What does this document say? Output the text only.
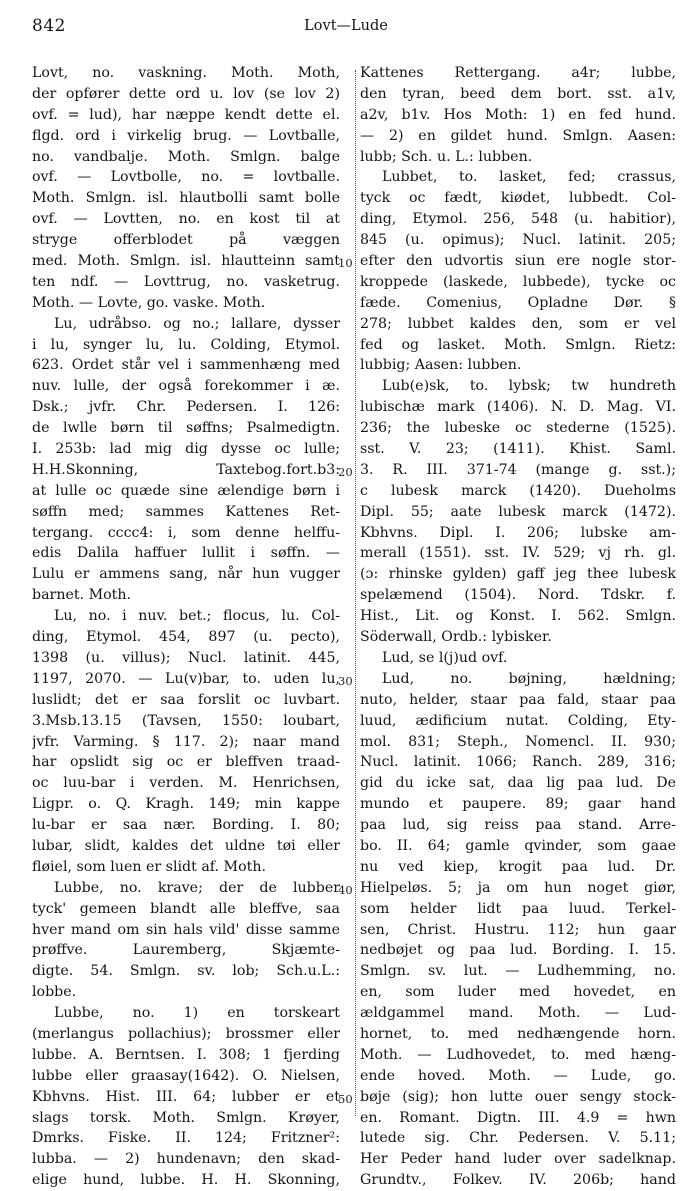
842	Lovt—Lude
Lovt, no. vaskning. Moth. Moth,
der opfører dette ord u. lov (se lov 2)
ovf. = lud), har næppe kendt dette el.
flgd. ord i virkelig brug. — Lovtballe,
no. vandbalje. Moth. Smlgn. balge
ovf. — Lovtbolle, no. = lovtballe.
Moth. Smlgn. isl. hlautbolli samt bolle
ovf. — Lovtten, no. en kost til at
stryge offerblodet på væggen
med. Moth. Smlgn. isl. hlautteinn samt
ten ndf. — Lovttrug, no. vasketrug.
Moth. — Lovte, go. vaske. Moth.
Lu, udråbso. og no.; lallare, dysser
i lu, synger lu, lu. Colding, Etymol.
623. Ordet står vel i sammenhæng med
nuv. lulle, der også forekommer i æ.
Dsk.; jvfr. Chr. Pedersen. I. 126:
de lwlle børn til søffns; Psalmedigtn.
I. 253b: lad mig dig dysse oc lulle;
H.H.Skonning, Taxtebog.fort.b3:
at lulle oc quæde sine ælendige børn i
søffn med; sammes Kattenes Ret-
tergang. cccc4: i, som denne helffu-
edis Dalila haffuer lullit i søffn. —
Lulu er ammens sang, når hun vugger
barnet. Moth.
Lu, no. i nuv. bet.; flocus, lu. Col-
ding, Etymol. 454, 897 (u. pecto),
1398 (u. villus); Nucl. latinit. 445,
1197, 2070. — Lu(v)bar, to. uden lu,
luslidt; det er saa forslit oc luvbart.
3.Msb.13.15 (Tavsen, 1550: loubart,
jvfr. Varming. § 117. 2); naar mand
har opslidt sig oc er bleffven traad-
oc luu-bar i verden. M. Henrichsen,
Ligpr. o. Q. Kragh. 149; min kappe
lu-bar er saa nær. Bording. I. 80;
lubar, slidt, kaldes det uldne tøi eller
fløiel, som luen er slidt af. Moth.
Lubbe, no. krave; der de lubber
tyck' gemeen blandt alle bleffve, saa
hver mand om sin hals vild' disse samme
prøffve. Lauremberg, Skjæmte-
digte. 54. Smlgn. sv. lob; Sch.u.L.:
lobbe.
Lubbe, no. 1) en torskeart
(merlangus pollachius); brossmer eller
lubbe. A. Berntsen. I. 308; 1 fjerding
lubbe eller graasay(1642). O. Nielsen,
Kbhvns. Hist. III. 64; lubber er et
slags torsk. Moth. Smlgn. Krøyer,
Dmrks. Fiske. II. 124; Fritzner²:
lubba. — 2) hundenavn; den skad-
elige hund, lubbe. H. H. Skonning,
Kattenes Rettergang. a4r; lubbe,
den tyran, beed dem bort. sst. a1v,
a2v, b1v. Hos Moth: 1) en fed hund.
— 2) en gildet hund. Smlgn. Aasen:
lubb; Sch. u. L.: lubben.
Lubbet, to. lasket, fed; crassus,
tyck oc fædt, kiødet, lubbedt. Col-
ding, Etymol. 256, 548 (u. habitior),
845 (u. opimus); Nucl. latinit. 205;
efter den udvortis siun ere nogle stor-
kroppede (laskede, lubbede), tycke oc
fæde. Comenius, Opladne Dør. §
278; lubbet kaldes den, som er vel
fed og lasket. Moth. Smlgn. Rietz:
lubbig; Aasen: lubben.
Lub(e)sk, to. lybsk; tw hundreth
lubischæ mark (1406). N. D. Mag. VI.
236; the lubeske oc stederne (1525).
sst. V. 23; (1411). Khist. Saml.
3. R. III. 371-74 (mange g. sst.);
c lubesk marck (1420). Dueholms
Dipl. 55; aate lubesk marck (1472).
Kbhvns. Dipl. I. 206; lubske am-
merall (1551). sst. IV. 529; vj rh. gl.
(ɔ: rhinske gylden) gaff jeg thee lubesk
spelæmend (1504). Nord. Tdskr. f.
Hist., Lit. og Konst. I. 562. Smlgn.
Söderwall, Ordb.: lybisker.
Lud, se l(j)ud ovf.
Lud, no. bøjning, hældning;
nuto, helder, staar paa fald, staar paa
luud, ædificium nutat. Colding, Ety-
mol. 831; Steph., Nomencl. II. 930;
Nucl. latinit. 1066; Ranch. 289, 316;
gid du icke sat, daa lig paa lud. De
mundo et paupere. 89; gaar hand
paa lud, sig reiss paa stand. Arre-
bo. II. 64; gamle qvinder, som gaae
nu ved kiep, krogit paa lud. Dr.
Hielpeløs. 5; ja om hun noget giør,
som helder lidt paa luud. Terkel-
sen, Christ. Hustru. 112; hun gaar
nedbøjet og paa lud. Bording. I. 15.
Smlgn. sv. lut. — Ludhemming, no.
en, som luder med hovedet, en
ældgammel mand. Moth. — Lud-
hornet, to. med nedhængende horn.
Moth. — Ludhovedet, to. med hæng-
ende hoved. Moth. — Lude, go.
bøje (sig); hon lutte ouer sengy stock-
en. Romant. Digtn. III. 4.9 = hwn
lutede sig. Chr. Pedersen. V. 5.11;
Her Peder hand luder over sadelknap.
Grundtv., Folkev. IV. 206b; hand
10
20
30
40
50
